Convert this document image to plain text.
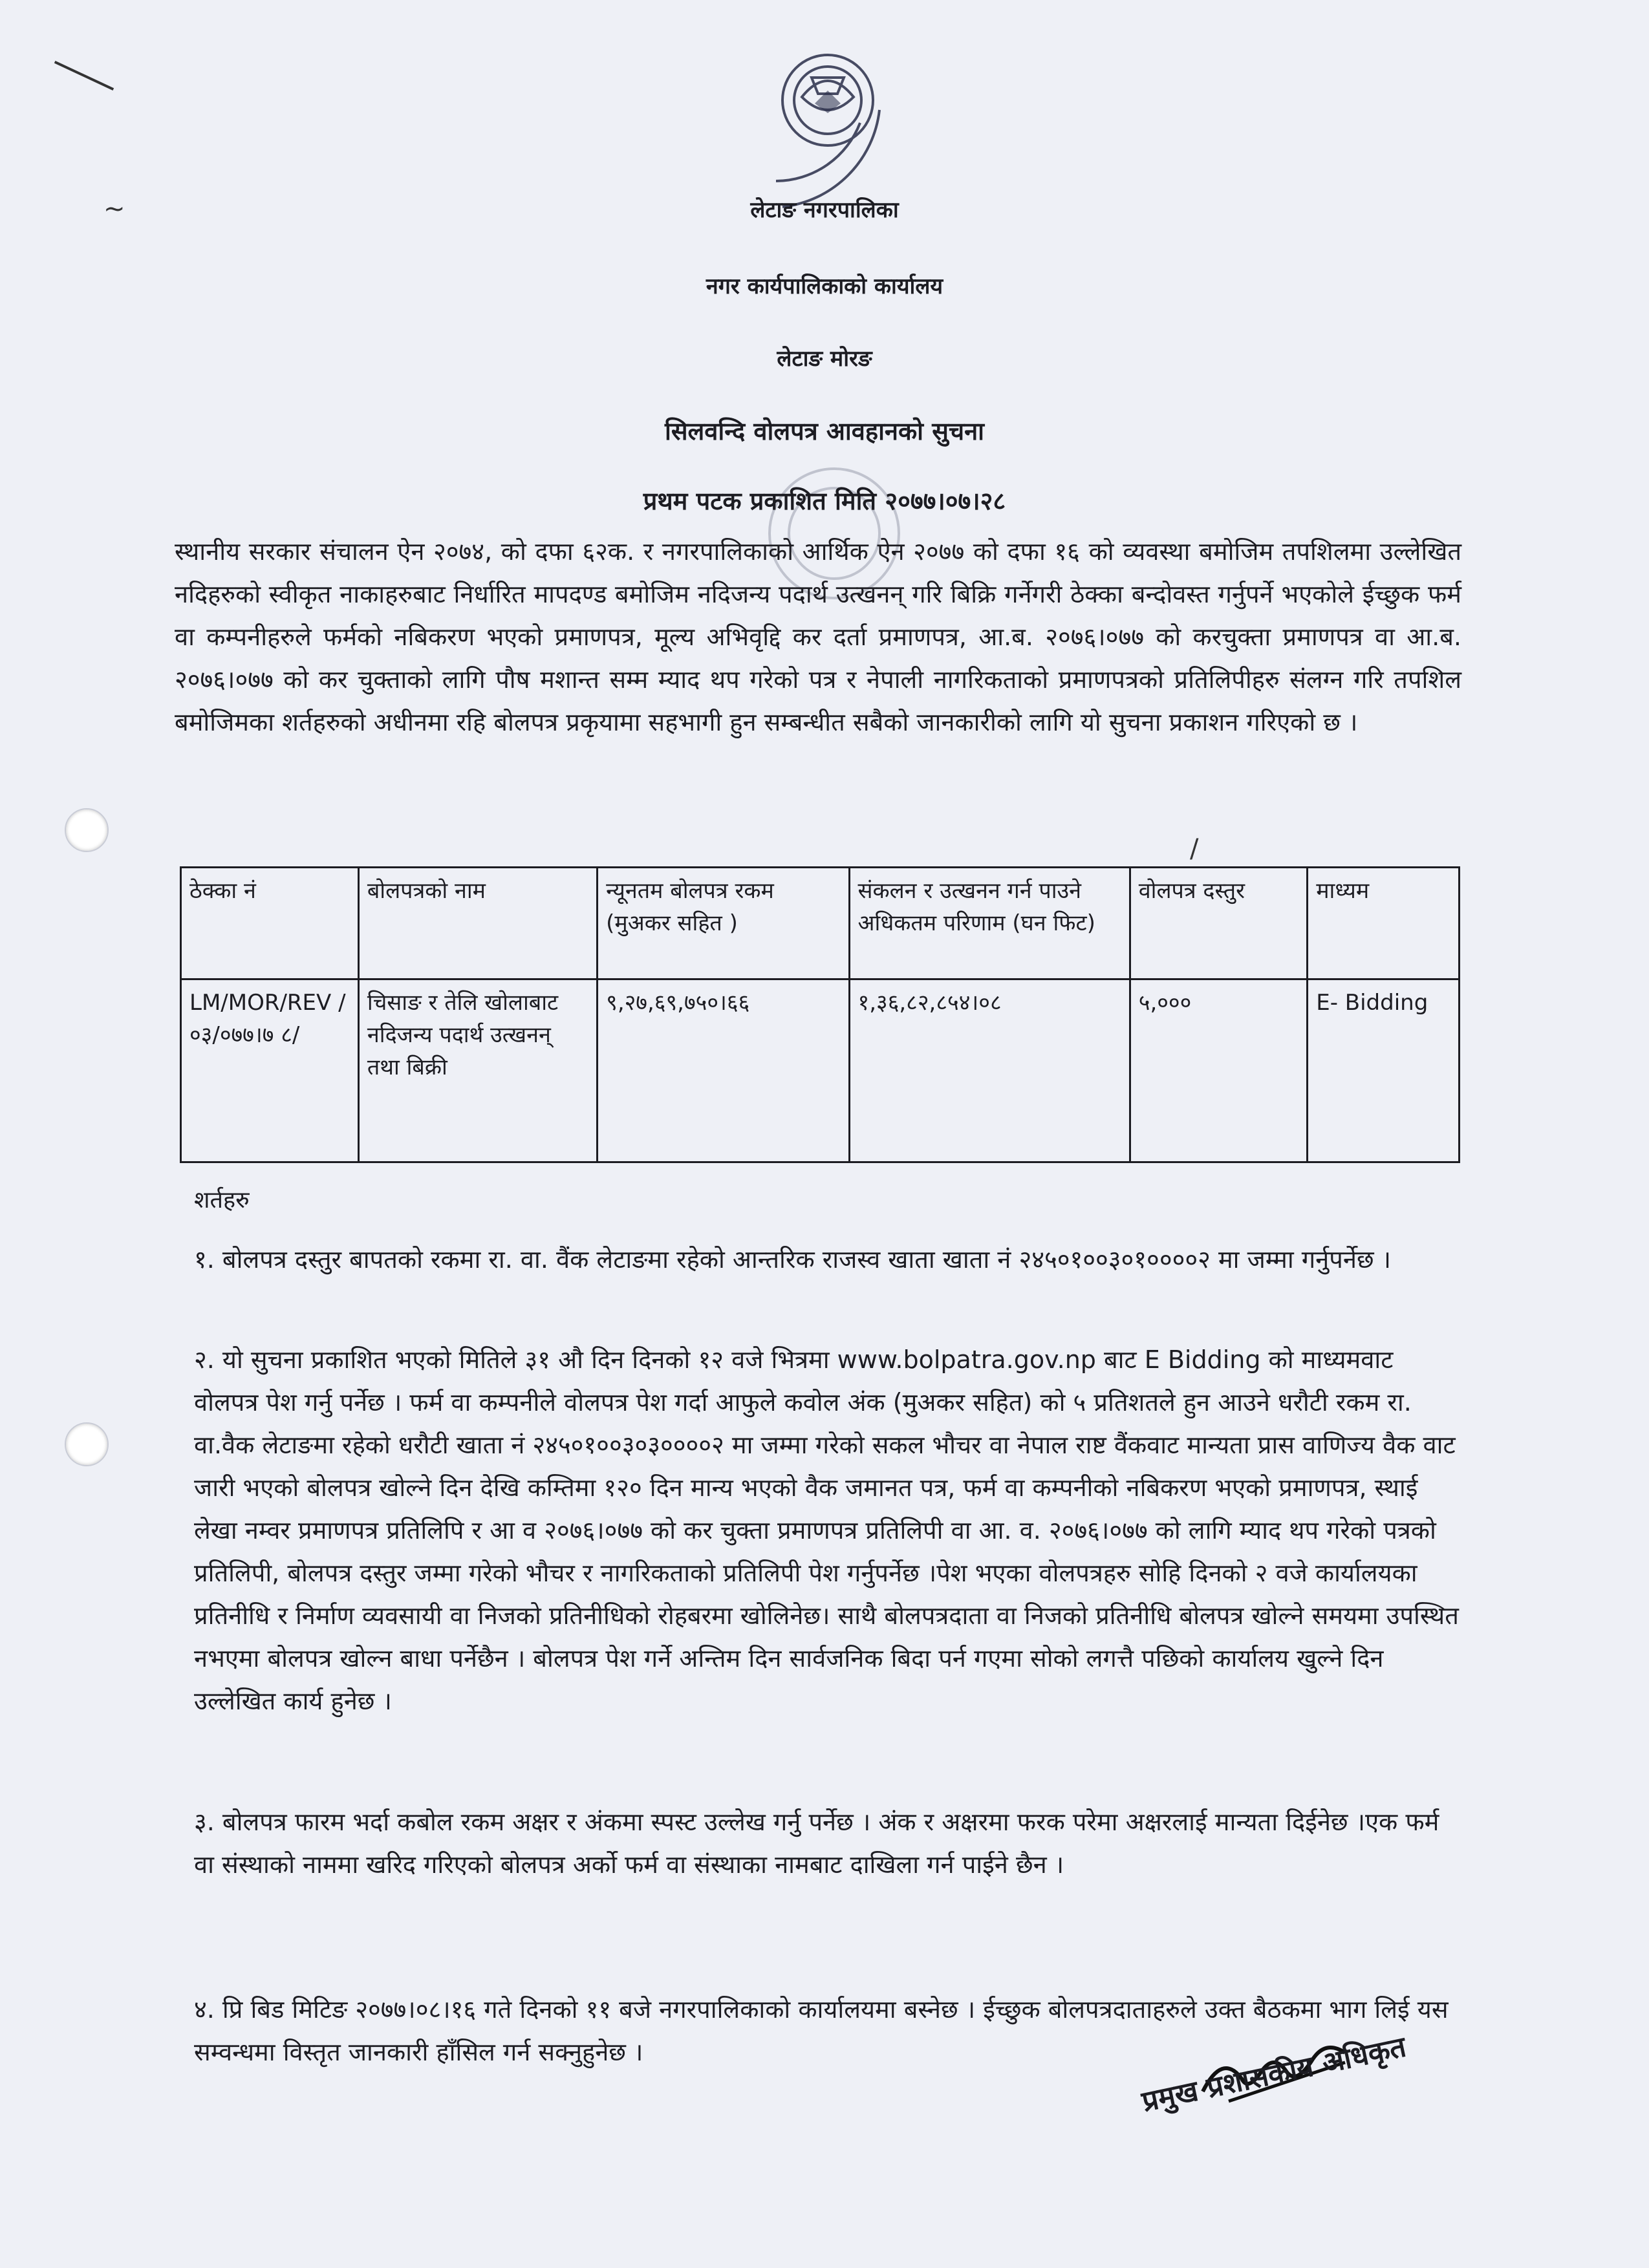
~	लेटाङ नगरपालिका
नगर कार्यपालिकाको कार्यालय
लेटाङ मोरङ
सिलवन्दि वोलपत्र आवहानको सुचना
प्रथम पटक प्रकाशित मिति २०७७।०७।२८
स्थानीय सरकार संचालन ऐन २०७४, को दफा ६२क. र नगरपालिकाको आर्थिक ऐन २०७७ को दफा १६ को व्यवस्था बमोजिम तपशिलमा उल्लेखित नदिहरुको स्वीकृत नाकाहरुबाट निर्धारित मापदण्ड बमोजिम नदिजन्य पदार्थ उत्खनन् गरि बिक्रि गर्नेगरी ठेक्का बन्दोवस्त गर्नुपर्ने भएकोले ईच्छुक फर्म वा कम्पनीहरुले फर्मको नबिकरण भएको प्रमाणपत्र, मूल्य अभिवृद्दि कर दर्ता प्रमाणपत्र, आ.ब. २०७६।०७७ को करचुक्ता प्रमाणपत्र वा आ.ब. २०७६।०७७ को कर चुक्ताको लागि पौष मशान्त सम्म म्याद थप गरेको पत्र र नेपाली नागरिकताको प्रमाणपत्रको प्रतिलिपीहरु संलग्न गरि तपशिल बमोजिमका शर्तहरुको अधीनमा रहि बोलपत्र प्रकृयामा सहभागी हुन सम्बन्धीत सबैको जानकारीको लागि यो सुचना प्रकाशन गरिएको छ ।
ठेक्का नं	बोलपत्रको नाम	न्यूनतम बोलपत्र रकम (मुअकर सहित )	संकलन र उत्खनन गर्न पाउने अधिकतम परिणाम (घन फिट)	वोलपत्र दस्तुर	माध्यम
LM/MOR/REV /०३/०७७।७ ८/	चिसाङ र तेलि खोलाबाट नदिजन्य पदार्थ उत्खनन् तथा बिक्री	९,२७,६९,७५०।६६	१,३६,८२,८५४।०८	५,०००	E- Bidding
/
शर्तहरु
१. बोलपत्र दस्तुर बापतको रकमा रा. वा. वैंक लेटाङमा रहेको आन्तरिक राजस्व खाता खाता नं २४५०१००३०१००००२ मा जम्मा गर्नुपर्नेछ ।
२. यो सुचना प्रकाशित भएको मितिले ३१ औ दिन दिनको १२ वजे भित्रमा www.bolpatra.gov.np बाट E Bidding को माध्यमवाट वोलपत्र पेश गर्नु पर्नेछ । फर्म वा कम्पनीले वोलपत्र पेश गर्दा आफुले कवोल अंक (मुअकर सहित) को ५ प्रतिशतले हुन आउने धरौटी रकम रा. वा.वैक लेटाङमा रहेको धरौटी खाता नं २४५०१००३०३००००२ मा जम्मा गरेको सकल भौचर वा नेपाल राष्ट वैंकवाट मान्यता प्रास वाणिज्य वैक वाट जारी भएको बोलपत्र खोल्ने दिन देखि कम्तिमा १२० दिन मान्य भएको वैक जमानत पत्र, फर्म वा कम्पनीको नबिकरण भएको प्रमाणपत्र, स्थाई लेखा नम्वर प्रमाणपत्र प्रतिलिपि र आ व २०७६।०७७ को कर चुक्ता प्रमाणपत्र प्रतिलिपी वा आ. व. २०७६।०७७ को लागि म्याद थप गरेको पत्रको प्रतिलिपी, बोलपत्र दस्तुर जम्मा गरेको भौचर र नागरिकताको प्रतिलिपी पेश गर्नुपर्नेछ ।पेश भएका वोलपत्रहरु सोहि दिनको २ वजे कार्यालयका प्रतिनीधि र निर्माण व्यवसायी वा निजको प्रतिनीधिको रोहबरमा खोलिनेछ। साथै बोलपत्रदाता वा निजको प्रतिनीधि बोलपत्र खोल्ने समयमा उपस्थित नभएमा बोलपत्र खोल्न बाधा पर्नेछैन । बोलपत्र पेश गर्ने अन्तिम दिन सार्वजनिक बिदा पर्न गएमा सोको लगत्तै पछिको कार्यालय खुल्ने दिन उल्लेखित कार्य हुनेछ ।
३. बोलपत्र फारम भर्दा कबोल रकम अक्षर र अंकमा स्पस्ट उल्लेख गर्नु पर्नेछ । अंक र अक्षरमा फरक परेमा अक्षरलाई मान्यता दिईनेछ ।एक फर्म वा संस्थाको नाममा खरिद गरिएको बोलपत्र अर्को फर्म वा संस्थाका नामबाट दाखिला गर्न पाईने छैन ।
४. प्रि बिड मिटिङ २०७७।०८।१६ गते दिनको ११ बजे नगरपालिकाको कार्यालयमा बस्नेछ । ईच्छुक बोलपत्रदाताहरुले उक्त बैठकमा भाग लिई यस सम्वन्धमा विस्तृत जानकारी हाँसिल गर्न सक्नुहुनेछ ।	प्रमुख प्रशासकीय अधिकृत
